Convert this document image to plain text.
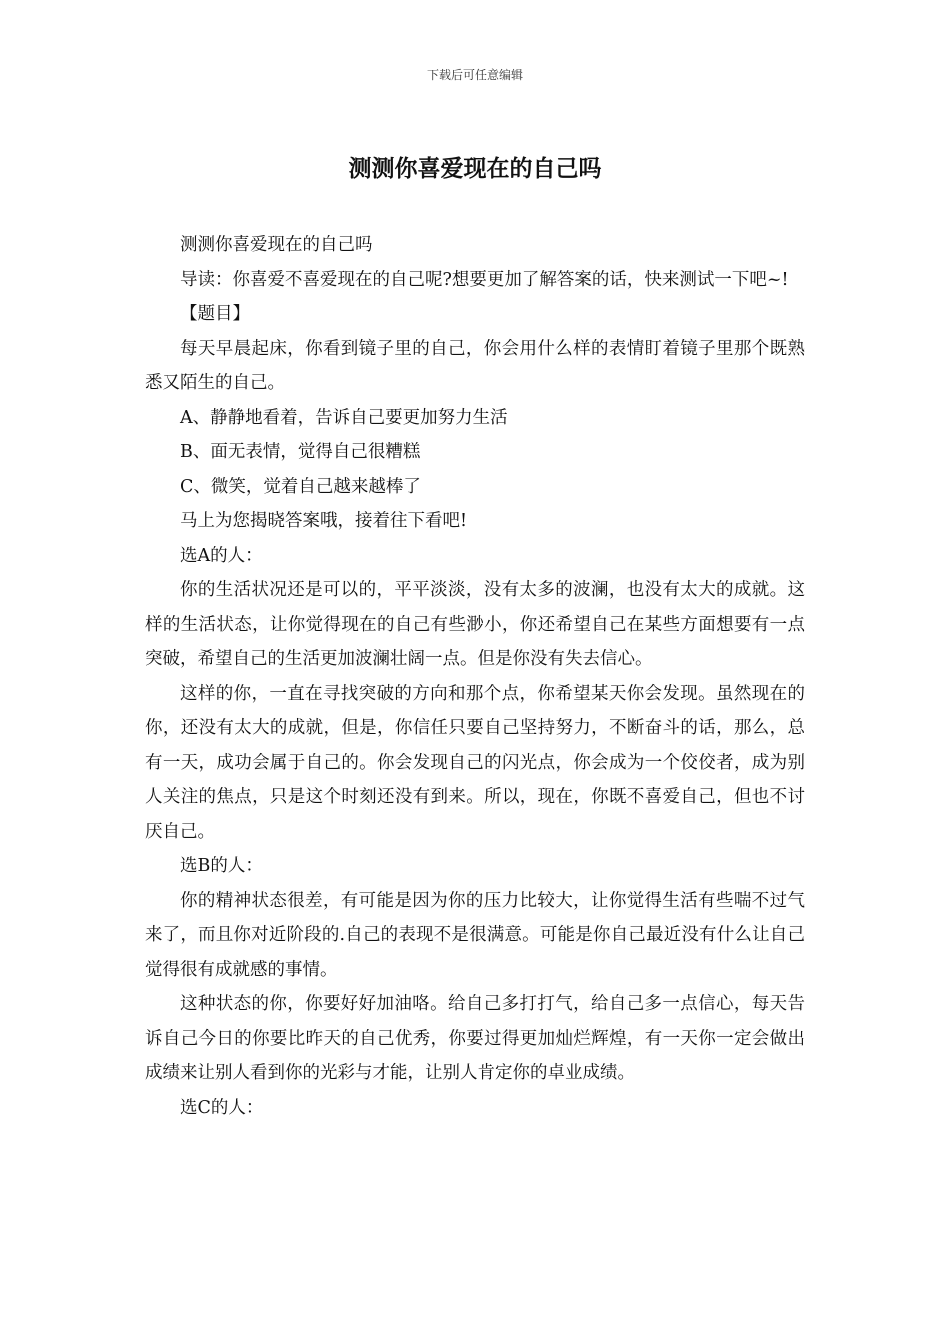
下载后可任意编辑
测测你喜爱现在的自己吗

测测你喜爱现在的自己吗

导读：你喜爱不喜爱现在的自己呢?想要更加了解答案的话，快来测试一下吧~!

【题目】

每天早晨起床，你看到镜子里的自己，你会用什么样的表情盯着镜子里那个既熟悉又陌生的自己。

A、静静地看着，告诉自己要更加努力生活

B、面无表情，觉得自己很糟糕

C、微笑，觉着自己越来越棒了

马上为您揭晓答案哦，接着往下看吧!

选A的人：

你的生活状况还是可以的，平平淡淡，没有太多的波澜，也没有太大的成就。这样的生活状态，让你觉得现在的自己有些渺小，你还希望自己在某些方面想要有一点突破，希望自己的生活更加波澜壮阔一点。但是你没有失去信心。

这样的你，一直在寻找突破的方向和那个点，你希望某天你会发现。虽然现在的你，还没有太大的成就，但是，你信任只要自己坚持努力，不断奋斗的话，那么，总有一天，成功会属于自己的。你会发现自己的闪光点，你会成为一个佼佼者，成为别人关注的焦点，只是这个时刻还没有到来。所以，现在，你既不喜爱自己，但也不讨厌自己。

选B的人：

你的精神状态很差，有可能是因为你的压力比较大，让你觉得生活有些喘不过气来了，而且你对近阶段的.自己的表现不是很满意。可能是你自己最近没有什么让自己觉得很有成就感的事情。

这种状态的你，你要好好加油咯。给自己多打打气，给自己多一点信心，每天告诉自己今日的你要比昨天的自己优秀，你要过得更加灿烂辉煌，有一天你一定会做出成绩来让别人看到你的光彩与才能，让别人肯定你的卓业成绩。

选C的人：
